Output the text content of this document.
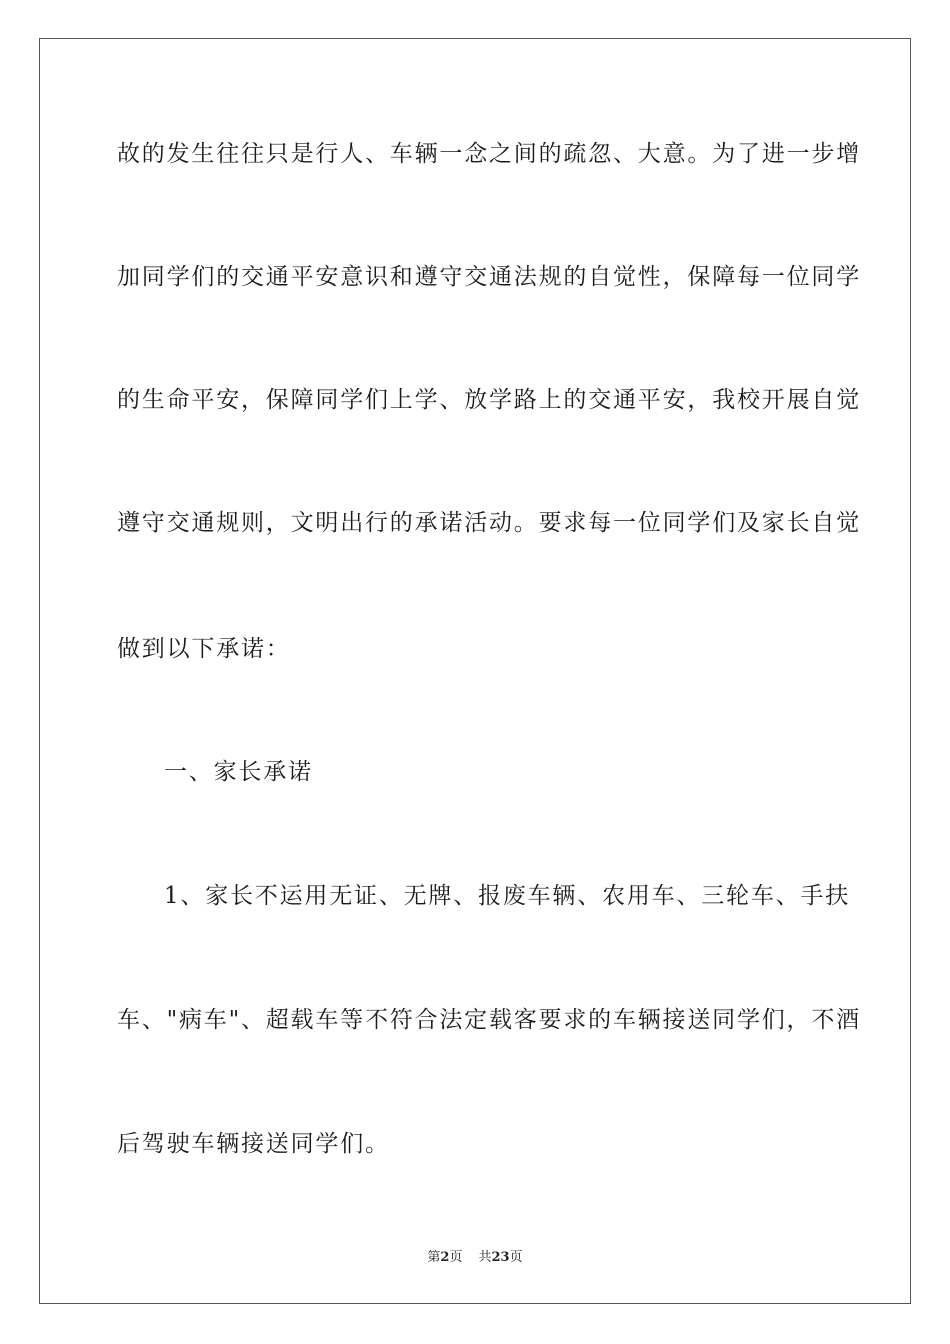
故的发生往往只是行人、车辆一念之间的疏忽、大意。为了进一步增
加同学们的交通平安意识和遵守交通法规的自觉性，保障每一位同学
的生命平安，保障同学们上学、放学路上的交通平安，我校开展自觉
遵守交通规则，文明出行的承诺活动。要求每一位同学们及家长自觉
做到以下承诺：
一、家长承诺
1、家长不运用无证、无牌、报废车辆、农用车、三轮车、手扶
车、"病车"、超载车等不符合法定载客要求的车辆接送同学们，不酒
后驾驶车辆接送同学们。
第2页 共23页
